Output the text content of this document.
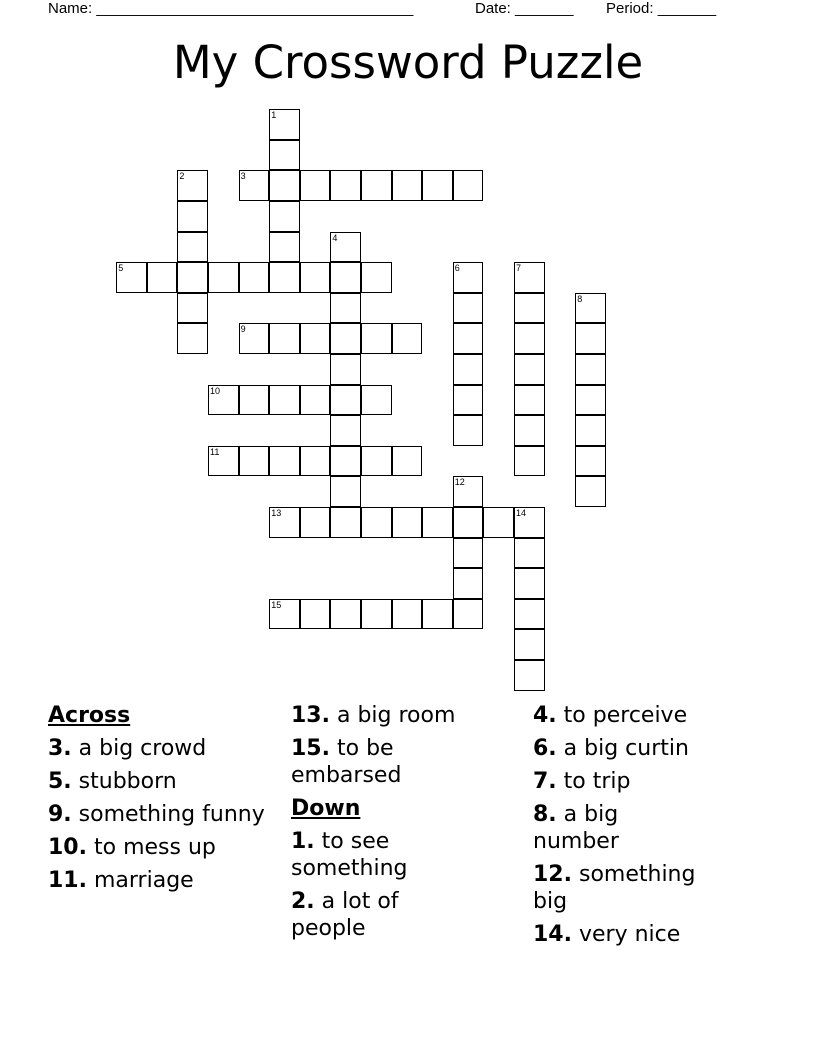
Name: ______________________________________	Date: _______ Period: _______
My Crossword Puzzle
1
2	3
4
5	6	7
8
9
10
11
12
13	14
15
Across
3. a big crowd
5. stubborn
9. something funny
10. to mess up
11. marriage
13. a big room
15. to be embarsed
Down
1. to see something
2. a lot of people
4. to perceive
6. a big curtin
7. to trip
8. a big number
12. something big
14. very nice
